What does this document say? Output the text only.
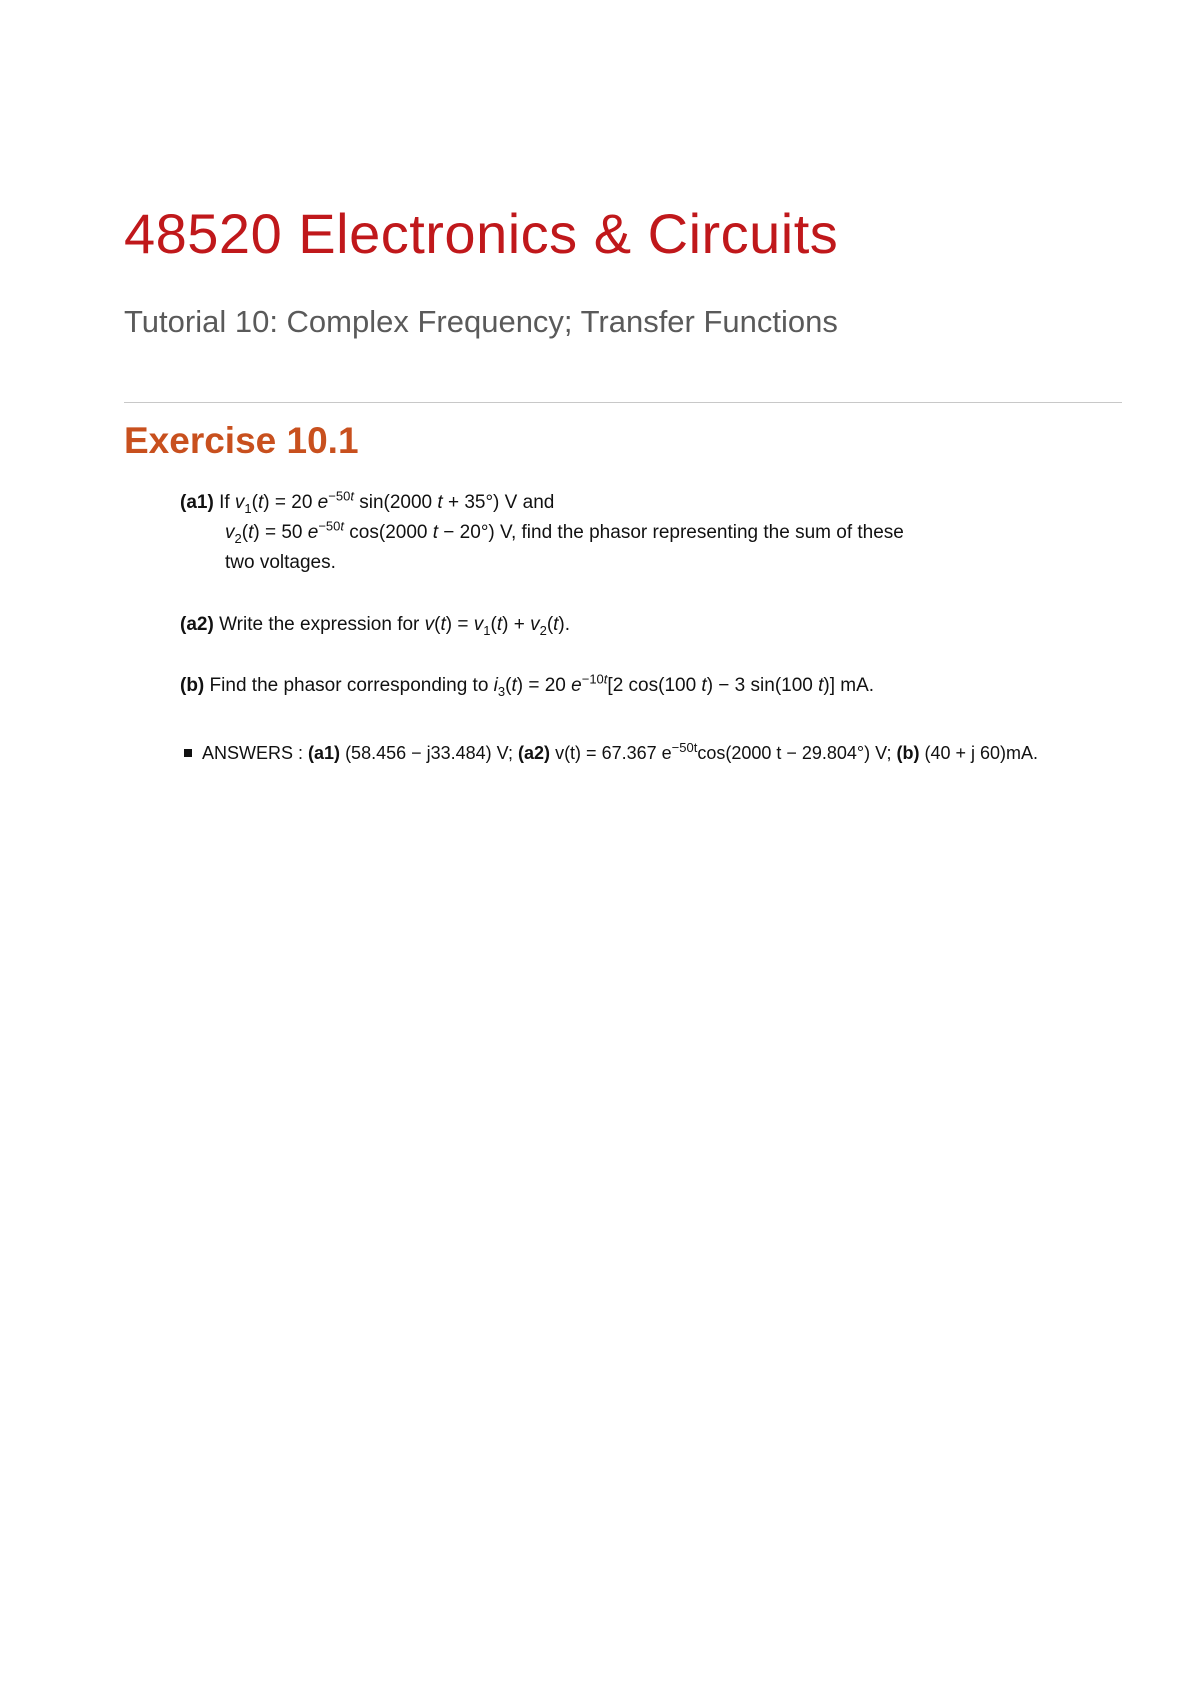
48520 Electronics & Circuits
Tutorial 10: Complex Frequency; Transfer Functions
Exercise 10.1
(a1) If $v_1(t) = 20$ $e^{-50t}$ sin(2000 t + 35°) V and
$v_2(t) = 50$ $e^{-50t}$ cos(2000 t − 20°) V, find the phasor representing the sum of these
two voltages.
(a2) Write the expression for $v(t) = v_1(t) + v_2(t)$.
(b) Find the phasor corresponding to $i_3(t) = 20$ $e^{-10t}[2$ cos(100 t) − 3 sin(100 t)] mA.
ANSWERS : (a1) (58.456 − j33.484) V; (a2) v(t) = 67.367 $e^{-50t}\cos(2000$ t − 29.804°) V; (b) (40 + j 60)mA.
